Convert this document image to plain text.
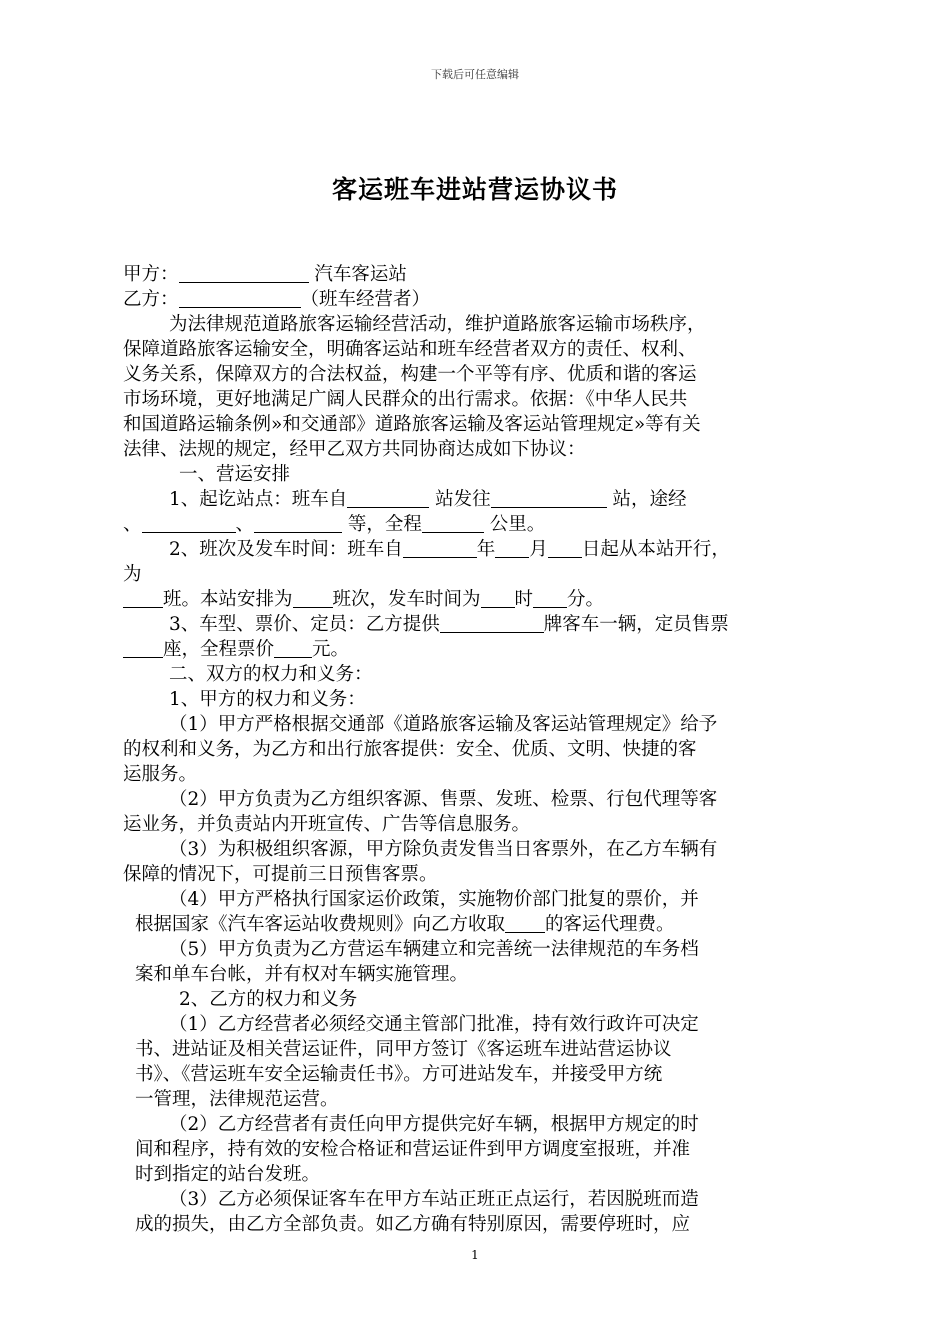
下载后可任意编辑
客运班车进站营运协议书
甲方：	汽车客运站
乙方：	（班车经营者）
为法律规范道路旅客运输经营活动，维护道路旅客运输市场秩序，
保障道路旅客运输安全，明确客运站和班车经营者双方的责任、权利、
义务关系，保障双方的合法权益，构建一个平等有序、优质和谐的客运
市场环境，更好地满足广阔人民群众的出行需求。依据：《中华人民共
和国道路运输条例»和交通部》道路旅客运输及客运站管理规定»等有关
法律、法规的规定，经甲乙双方共同协商达成如下协议：
一、营运安排
1、起讫站点：班车自	站发往	站，途经
、	、	等，全程	公里。
2、班次及发车时间：班车自	年 月 日起从本站开行，
为
班。本站安排为 班次，发车时间为 时 分。
3、车型、票价、定员：乙方提供	牌客车一辆，定员售票
座，全程票价 元。
二、双方的权力和义务：
1、甲方的权力和义务：
（1）甲方严格根据交通部《道路旅客运输及客运站管理规定》给予
的权利和义务，为乙方和出行旅客提供：安全、优质、文明、快捷的客
运服务。
（2）甲方负责为乙方组织客源、售票、发班、检票、行包代理等客
运业务，并负责站内开班宣传、广告等信息服务。
（3）为积极组织客源，甲方除负责发售当日客票外，在乙方车辆有
保障的情况下，可提前三日预售客票。
（4）甲方严格执行国家运价政策，实施物价部门批复的票价，并
根据国家《汽车客运站收费规则》向乙方收取 的客运代理费。
（5）甲方负责为乙方营运车辆建立和完善统一法律规范的车务档
案和单车台帐，并有权对车辆实施管理。
2、乙方的权力和义务
（1）乙方经营者必须经交通主管部门批准，持有效行政许可决定
书、进站证及相关营运证件，同甲方签订《客运班车进站营运协议
书》、《营运班车安全运输责任书》。方可进站发车，并接受甲方统
一管理，法律规范运营。
（2）乙方经营者有责任向甲方提供完好车辆，根据甲方规定的时
间和程序，持有效的安检合格证和营运证件到甲方调度室报班，并准
时到指定的站台发班。
（3）乙方必须保证客车在甲方车站正班正点运行，若因脱班而造
成的损失，由乙方全部负责。如乙方确有特别原因，需要停班时，应
1
